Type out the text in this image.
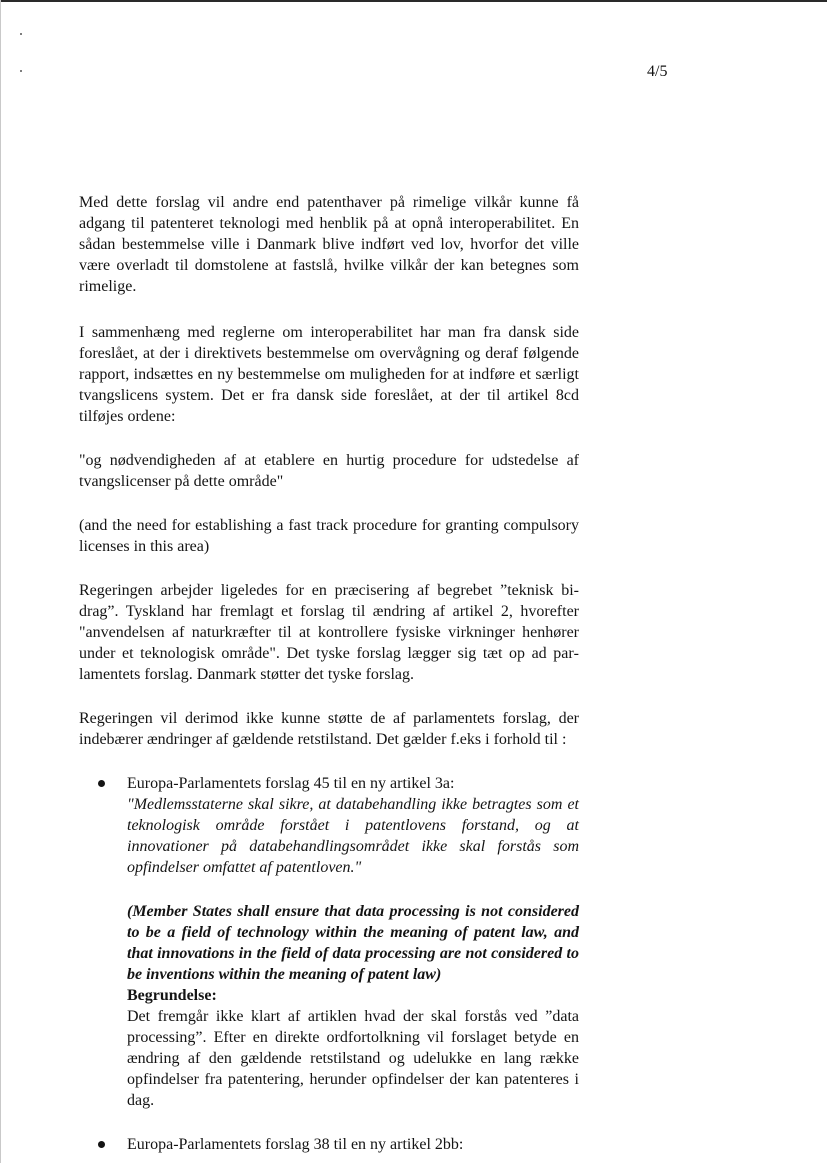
4/5

Med dette forslag vil andre end patenthaver på rimelige vilkår kunne få adgang til patenteret teknologi med henblik på at opnå interoperabilitet. En sådan bestemmelse ville i Danmark blive indført ved lov, hvorfor det ville være overladt til domstolene at fastslå, hvilke vilkår der kan betegnes som rimelige.

I sammenhæng med reglerne om interoperabilitet har man fra dansk side foreslået, at der i direktivets bestemmelse om overvågning og deraf følgende rapport, indsættes en ny bestemmelse om muligheden for at indføre et særligt tvangslicens system. Det er fra dansk side foreslået, at der til artikel 8cd tilføjes ordene:

"og nødvendigheden af at etablere en hurtig procedure for udstedelse af tvangslicenser på dette område"

(and the need for establishing a fast track procedure for granting compulsory licenses in this area)

Regeringen arbejder ligeledes for en præcisering af begrebet ”teknisk bidrag”. Tyskland har fremlagt et forslag til ændring af artikel 2, hvorefter "anvendelsen af naturkræfter til at kontrollere fysiske virkninger henhører under et teknologisk område". Det tyske forslag lægger sig tæt op ad parlamentets forslag. Danmark støtter det tyske forslag.

Regeringen vil derimod ikke kunne støtte de af parlamentets forslag, der indebærer ændringer af gældende retstilstand. Det gælder f.eks i forhold til :

Europa-Parlamentets forslag 45 til en ny artikel 3a:

"Medlemsstaterne skal sikre, at databehandling ikke betragtes som et teknologisk område forstået i patentlovens forstand, og at innovationer på databehandlingsområdet ikke skal forstås som opfindelser omfattet af patentloven."

(Member States shall ensure that data processing is not considered to be a field of technology within the meaning of patent law, and that innovations in the field of data processing are not considered to be inventions within the meaning of patent law)

Begrundelse:

Det fremgår ikke klart af artiklen hvad der skal forstås ved ”data processing”. Efter en direkte ordfortolkning vil forslaget betyde en ændring af den gældende retstilstand og udelukke en lang række opfindelser fra patentering, herunder opfindelser der kan patenteres i dag.

Europa-Parlamentets forslag 38 til en ny artikel 2bb:
